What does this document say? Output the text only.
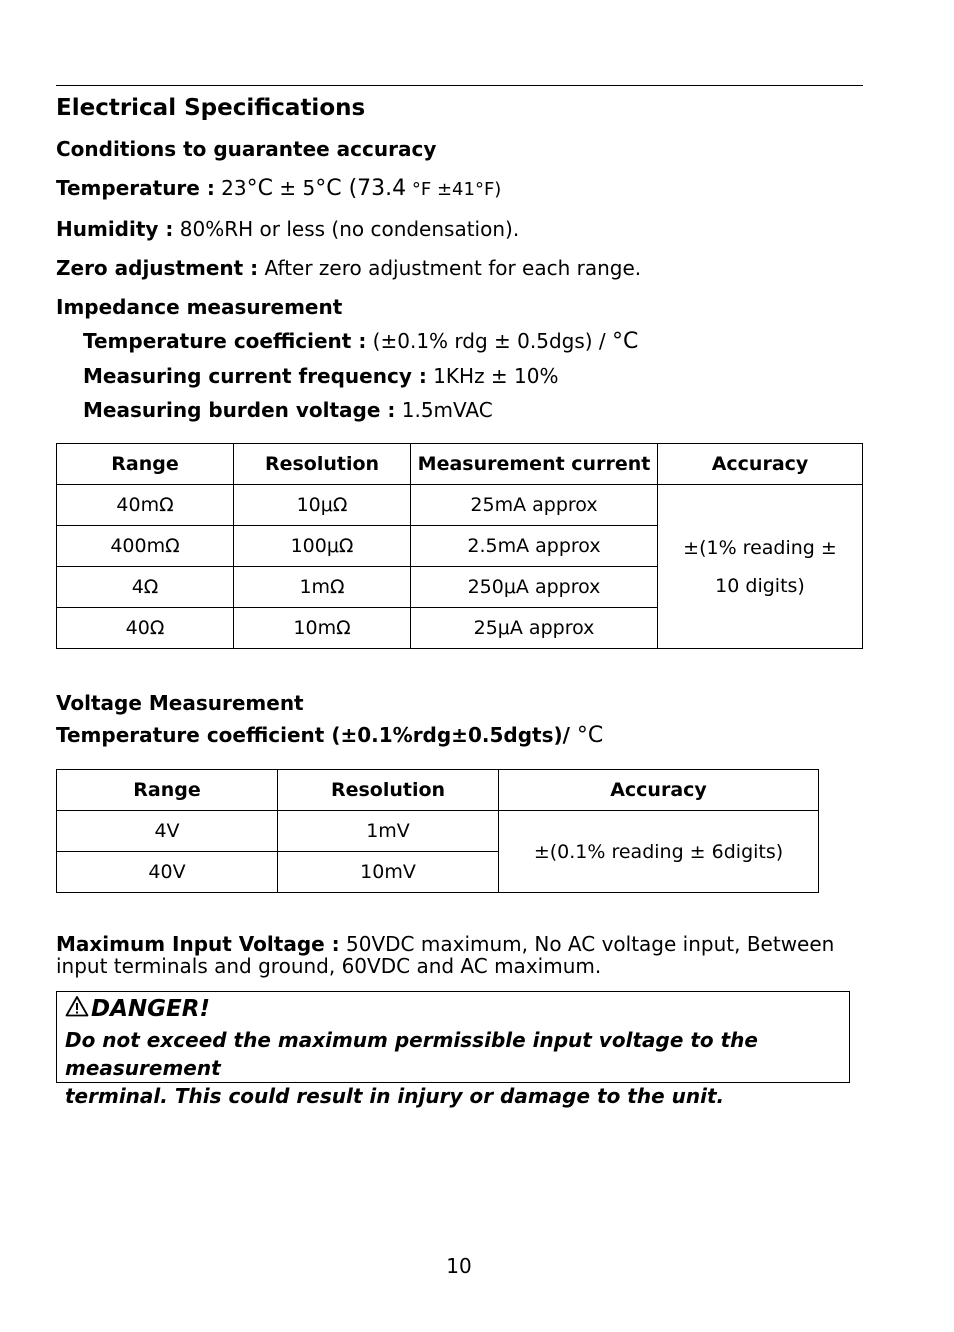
Electrical Specifications
Conditions to guarantee accuracy
Temperature : 23°C ± 5°C (73.4 °F ±41°F)
Humidity : 80%RH or less (no condensation).
Zero adjustment : After zero adjustment for each range.
Impedance measurement
Temperature coefficient : (±0.1% rdg ± 0.5dgs) / °C
Measuring current frequency : 1KHz ± 10%
Measuring burden voltage : 1.5mVAC
Range	Resolution	Measurement current	Accuracy
40mΩ	10μΩ	25mA approx	±(1% reading ±
10 digits)
400mΩ	100μΩ	2.5mA approx	
4Ω	1mΩ	250μA approx	
40Ω	10mΩ	25μA approx	
Voltage Measurement
Temperature coefficient (±0.1%rdg±0.5dgts)/ °C
Range	Resolution	Accuracy
4V	1mV	±(0.1% reading ± 6digits)
40V	10mV	
Maximum Input Voltage : 50VDC maximum, No AC voltage input, Between input terminals and ground, 60VDC and AC maximum.
DANGER!
Do not exceed the maximum permissible input voltage to the measurement
terminal. This could result in injury or damage to the unit.
10
